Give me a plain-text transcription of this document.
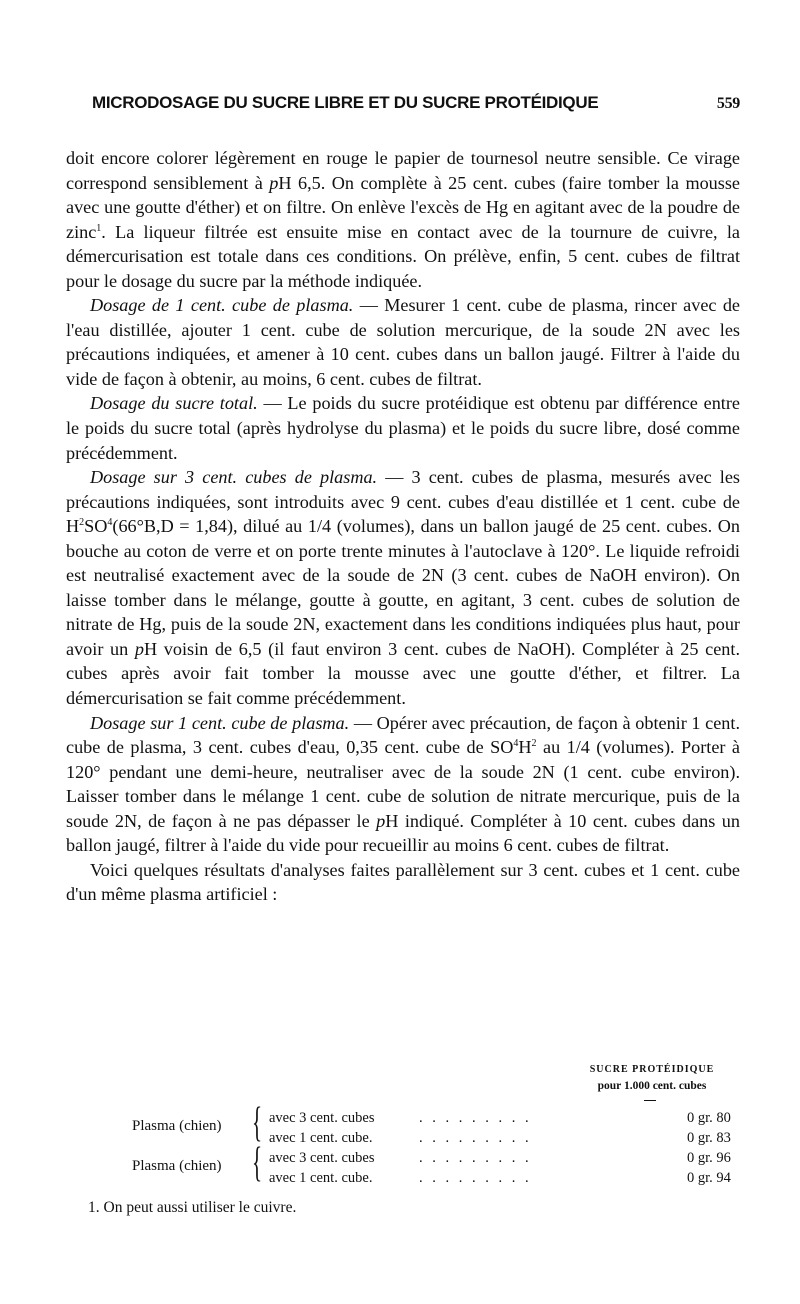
MICRODOSAGE DU SUCRE LIBRE ET DU SUCRE PROTÉIDIQUE	559

doit encore colorer légèrement en rouge le papier de tournesol neutre sensible. Ce virage correspond sensiblement à pH 6,5. On complète à 25 cent. cubes (faire tomber la mousse avec une goutte d'éther) et on filtre. On enlève l'excès de Hg en agitant avec de la poudre de zinc$^1$. La liqueur filtrée est ensuite mise en contact avec de la tournure de cuivre, la démercurisation est totale dans ces conditions. On prélève, enfin, 5 cent. cubes de filtrat pour le dosage du sucre par la méthode indiquée.

Dosage de 1 cent. cube de plasma. — Mesurer 1 cent. cube de plasma, rincer avec de l'eau distillée, ajouter 1 cent. cube de solution mercurique, de la soude 2N avec les précautions indiquées, et amener à 10 cent. cubes dans un ballon jaugé. Filtrer à l'aide du vide de façon à obtenir, au moins, 6 cent. cubes de filtrat.

Dosage du sucre total. — Le poids du sucre protéidique est obtenu par différence entre le poids du sucre total (après hydrolyse du plasma) et le poids du sucre libre, dosé comme précédemment.

Dosage sur 3 cent. cubes de plasma. — 3 cent. cubes de plasma, mesurés avec les précautions indiquées, sont introduits avec 9 cent. cubes d'eau distillée et 1 cent. cube de $H^2SO^4(66^\circ B,D = 1,84)$, dilué au 1/4 (volumes), dans un ballon jaugé de 25 cent. cubes. On bouche au coton de verre et on porte trente minutes à l'autoclave à 120°. Le liquide refroidi est neutralisé exactement avec de la soude de 2N (3 cent. cubes de NaOH environ). On laisse tomber dans le mélange, goutte à goutte, en agitant, 3 cent. cubes de solution de nitrate de Hg, puis de la soude 2N, exactement dans les conditions indiquées plus haut, pour avoir un pH voisin de 6,5 (il faut environ 3 cent. cubes de NaOH). Compléter à 25 cent. cubes après avoir fait tomber la mousse avec une goutte d'éther, et filtrer. La démercurisation se fait comme précédemment.

Dosage sur 1 cent. cube de plasma. — Opérer avec précaution, de façon à obtenir 1 cent. cube de plasma, 3 cent. cubes d'eau, 0,35 cent. cube de $SO^4H^2$ au 1/4 (volumes). Porter à 120° pendant une demi-heure, neutraliser avec de la soude 2N (1 cent. cube environ). Laisser tomber dans le mélange 1 cent. cube de solution de nitrate mercurique, puis de la soude 2N, de façon à ne pas dépasser le pH indiqué. Compléter à 10 cent. cubes dans un ballon jaugé, filtrer à l'aide du vide pour recueillir au moins 6 cent. cubes de filtrat.

Voici quelques résultats d'analyses faites parallèlement sur 3 cent. cubes et 1 cent. cube d'un même plasma artificiel :

SUCRE PROTÉIDIQUE
pour 1.000 cent. cubes
Plasma (chien) { avec 3 cent. cubes	. . . . . . . . .	0 gr. 80
avec 1 cent. cube.	. . . . . . . . .	0 gr. 83
Plasma (chien) { avec 3 cent. cubes	. . . . . . . . .	0 gr. 96
avec 1 cent. cube.	. . . . . . . . .	0 gr. 94
1. On peut aussi utiliser le cuivre.
